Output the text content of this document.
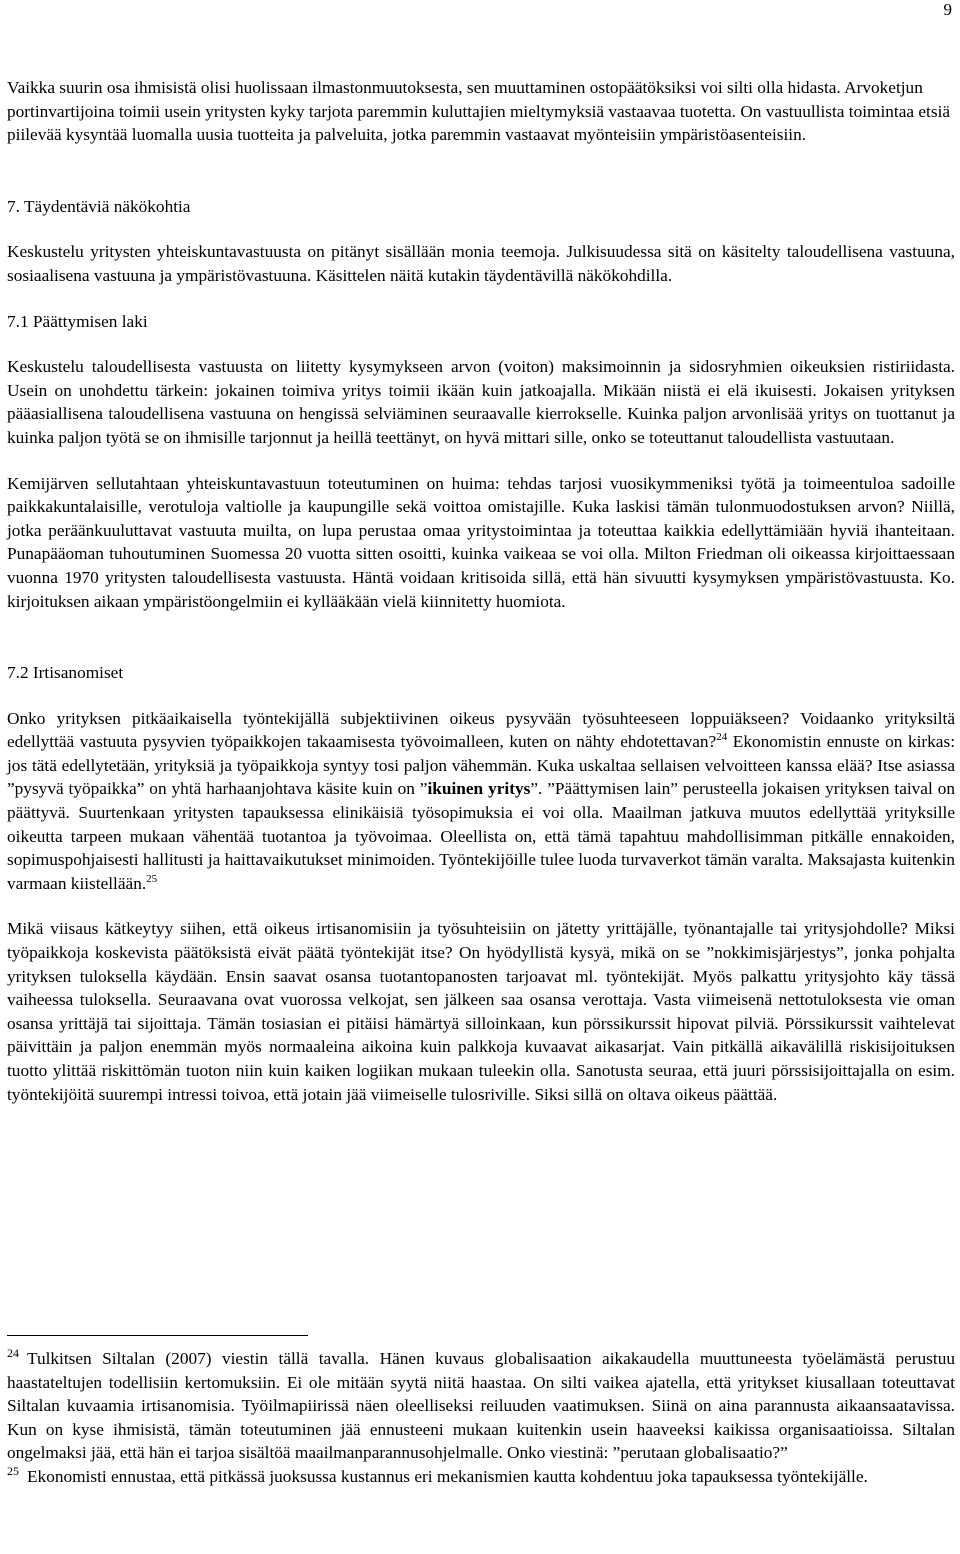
9

Vaikka suurin osa ihmisistä olisi huolissaan ilmastonmuutoksesta, sen muuttaminen ostopäätöksiksi voi silti olla hidasta. Arvoketjun portinvartijoina toimii usein yritysten kyky tarjota paremmin kuluttajien mieltymyksiä vastaavaa tuotetta. On vastuullista toimintaa etsiä piilevää kysyntää luomalla uusia tuotteita ja palveluita, jotka paremmin vastaavat myönteisiin ympäristöasenteisiin.

7. Täydentäviä näkökohtia

Keskustelu yritysten yhteiskuntavastuusta on pitänyt sisällään monia teemoja. Julkisuudessa sitä on käsitelty taloudellisena vastuuna, sosiaalisena vastuuna ja ympäristövastuuna. Käsittelen näitä kutakin täydentävillä näkökohdilla.

7.1 Päättymisen laki

Keskustelu taloudellisesta vastuusta on liitetty kysymykseen arvon (voiton) maksimoinnin ja sidosryhmien oikeuksien ristiriidasta. Usein on unohdettu tärkein: jokainen toimiva yritys toimii ikään kuin jatkoajalla. Mikään niistä ei elä ikuisesti. Jokaisen yrityksen pääasiallisena taloudellisena vastuuna on hengissä selviäminen seuraavalle kierrokselle. Kuinka paljon arvonlisää yritys on tuottanut ja kuinka paljon työtä se on ihmisille tarjonnut ja heillä teettänyt, on hyvä mittari sille, onko se toteuttanut taloudellista vastuutaan.

Kemijärven sellutahtaan yhteiskuntavastuun toteutuminen on huima: tehdas tarjosi vuosikymmeniksi työtä ja toimeentuloa sadoille paikkakuntalaisille, verotuloja valtiolle ja kaupungille sekä voittoa omistajille. Kuka laskisi tämän tulonmuodostuksen arvon? Niillä, jotka peräänkuuluttavat vastuuta muilta, on lupa perustaa omaa yritystoimintaa ja toteuttaa kaikkia edellyttämiään hyviä ihanteitaan. Punapääoman tuhoutuminen Suomessa 20 vuotta sitten osoitti, kuinka vaikeaa se voi olla. Milton Friedman oli oikeassa kirjoittaessaan vuonna 1970 yritysten taloudellisesta vastuusta. Häntä voidaan kritisoida sillä, että hän sivuutti kysymyksen ympäristövastuusta. Ko. kirjoituksen aikaan ympäristöongelmiin ei kyllääkään vielä kiinnitetty huomiota.

7.2 Irtisanomiset

Onko yrityksen pitkäaikaisella työntekijällä subjektiivinen oikeus pysyvään työsuhteeseen loppuiäkseen? Voidaanko yrityksiltä edellyttää vastuuta pysyvien työpaikkojen takaamisesta työvoimalleen, kuten on nähty ehdotettavan?$^{24}$ Ekonomistin ennuste on kirkas: jos tätä edellytetään, yrityksiä ja työpaikkoja syntyy tosi paljon vähemmän. Kuka uskaltaa sellaisen velvoitteen kanssa elää? Itse asiassa ”pysyvä työpaikka” on yhtä harhaanjohtava käsite kuin on ”ikuinen yritys”. ”Päättymisen lain” perusteella jokaisen yrityksen taival on päättyvä. Suurtenkaan yritysten tapauksessa elinikäisiä työsopimuksia ei voi olla. Maailman jatkuva muutos edellyttää yrityksille oikeutta tarpeen mukaan vähentää tuotantoa ja työvoimaa. Oleellista on, että tämä tapahtuu mahdollisimman pitkälle ennakoiden, sopimuspohjaisesti hallitusti ja haittavaikutukset minimoiden. Työntekijöille tulee luoda turvaverkot tämän varalta. Maksajasta kuitenkin varmaan kiistellään.$^{25}$

Mikä viisaus kätkeytyy siihen, että oikeus irtisanomisiin ja työsuhteisiin on jätetty yrittäjälle, työnantajalle tai yritysjohdolle? Miksi työpaikkoja koskevista päätöksistä eivät päätä työntekijät itse? On hyödyllistä kysyä, mikä on se ”nokkimisjärjestys”, jonka pohjalta yrityksen tuloksella käydään. Ensin saavat osansa tuotantopanosten tarjoavat ml. työntekijät. Myös palkattu yritysjohto käy tässä vaiheessa tuloksella. Seuraavana ovat vuorossa velkojat, sen jälkeen saa osansa verottaja. Vasta viimeisenä nettotuloksesta vie oman osansa yrittäjä tai sijoittaja. Tämän tosiasian ei pitäisi hämärtyä silloinkaan, kun pörssikurssit hipovat pilviä. Pörssikurssit vaihtelevat päivittäin ja paljon enemmän myös normaaleina aikoina kuin palkkoja kuvaavat aikasarjat. Vain pitkällä aikavälillä riskisijoituksen tuotto ylittää riskittömän tuoton niin kuin kaiken logiikan mukaan tuleekin olla. Sanotusta seuraa, että juuri pörssisijoittajalla on esim. työntekijöitä suurempi intressi toivoa, että jotain jää viimeiselle tulosriville. Siksi sillä on oltava oikeus päättää.

$^{24}$ Tulkitsen Siltalan (2007) viestin tällä tavalla. Hänen kuvaus globalisaation aikakaudella muuttuneesta työelämästä perustuu haastateltujen todellisiin kertomuksiin. Ei ole mitään syytä niitä haastaa. On silti vaikea ajatella, että yritykset kiusallaan toteuttavat Siltalan kuvaamia irtisanomisia. Työilmapiirissä näen oleelliseksi reiluuden vaatimuksen. Siinä on aina parannusta aikaansaatavissa. Kun on kyse ihmisistä, tämän toteutuminen jää ennusteeni mukaan kuitenkin usein haaveeksi kaikissa organisaatioissa. Siltalan ongelmaksi jää, että hän ei tarjoa sisältöä maailmanparannusohjelmalle. Onko viestinä: ”perutaan globalisaatio?”

$^{25}$ Ekonomisti ennustaa, että pitkässä juoksussa kustannus eri mekanismien kautta kohdentuu joka tapauksessa työntekijälle.
